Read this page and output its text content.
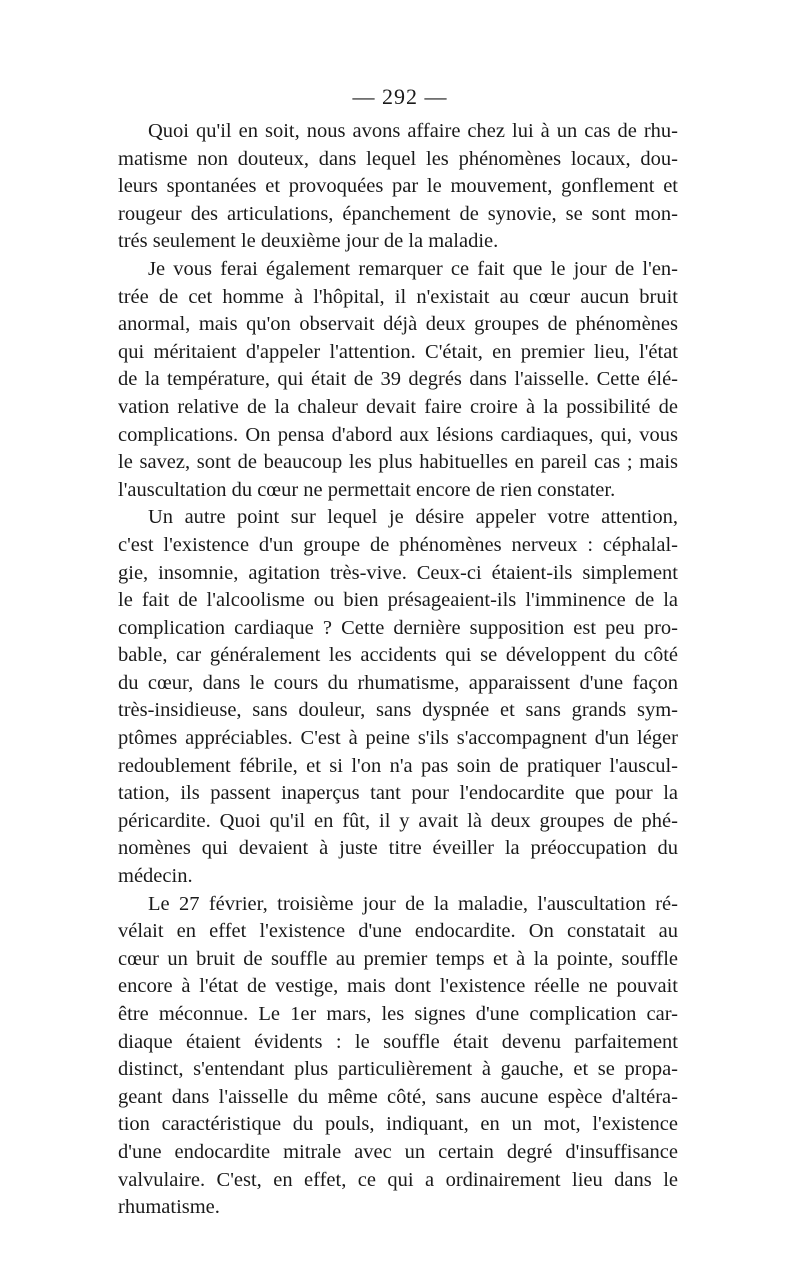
— 292 —
Quoi qu'il en soit, nous avons affaire chez lui à un cas de rhu-
matisme non douteux, dans lequel les phénomènes locaux, dou-
leurs spontanées et provoquées par le mouvement, gonflement et
rougeur des articulations, épanchement de synovie, se sont mon-
trés seulement le deuxième jour de la maladie.
Je vous ferai également remarquer ce fait que le jour de l'en-
trée de cet homme à l'hôpital, il n'existait au cœur aucun bruit
anormal, mais qu'on observait déjà deux groupes de phénomènes
qui méritaient d'appeler l'attention. C'était, en premier lieu, l'état
de la température, qui était de 39 degrés dans l'aisselle. Cette élé-
vation relative de la chaleur devait faire croire à la possibilité de
complications. On pensa d'abord aux lésions cardiaques, qui, vous
le savez, sont de beaucoup les plus habituelles en pareil cas ; mais
l'auscultation du cœur ne permettait encore de rien constater.
Un autre point sur lequel je désire appeler votre attention,
c'est l'existence d'un groupe de phénomènes nerveux : céphalal-
gie, insomnie, agitation très-vive. Ceux-ci étaient-ils simplement
le fait de l'alcoolisme ou bien présageaient-ils l'imminence de la
complication cardiaque ? Cette dernière supposition est peu pro-
bable, car généralement les accidents qui se développent du côté
du cœur, dans le cours du rhumatisme, apparaissent d'une façon
très-insidieuse, sans douleur, sans dyspnée et sans grands sym-
ptômes appréciables. C'est à peine s'ils s'accompagnent d'un léger
redoublement fébrile, et si l'on n'a pas soin de pratiquer l'auscul-
tation, ils passent inaperçus tant pour l'endocardite que pour la
péricardite. Quoi qu'il en fût, il y avait là deux groupes de phé-
nomènes qui devaient à juste titre éveiller la préoccupation du
médecin.
Le 27 février, troisième jour de la maladie, l'auscultation ré-
vélait en effet l'existence d'une endocardite. On constatait au
cœur un bruit de souffle au premier temps et à la pointe, souffle
encore à l'état de vestige, mais dont l'existence réelle ne pouvait
être méconnue. Le 1er mars, les signes d'une complication car-
diaque étaient évidents : le souffle était devenu parfaitement
distinct, s'entendant plus particulièrement à gauche, et se propa-
geant dans l'aisselle du même côté, sans aucune espèce d'altéra-
tion caractéristique du pouls, indiquant, en un mot, l'existence
d'une endocardite mitrale avec un certain degré d'insuffisance
valvulaire. C'est, en effet, ce qui a ordinairement lieu dans le
rhumatisme.
